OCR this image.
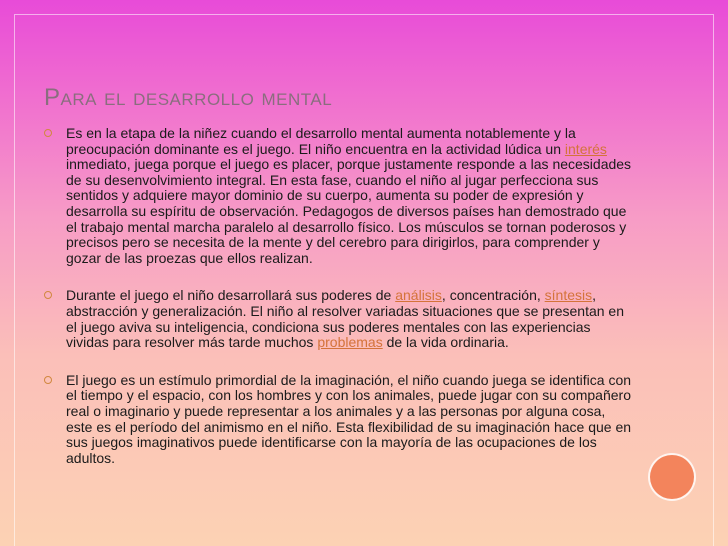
Para el desarrollo mental
Es en la etapa de la niñez cuando el desarrollo mental aumenta notablemente y la preocupación dominante es el juego. El niño encuentra en la actividad lúdica un interés inmediato, juega porque el juego es placer, porque justamente responde a las necesidades de su desenvolvimiento integral. En esta fase, cuando el niño al jugar perfecciona sus sentidos y adquiere mayor dominio de su cuerpo, aumenta su poder de expresión y desarrolla su espíritu de observación. Pedagogos de diversos países han demostrado que el trabajo mental marcha paralelo al desarrollo físico. Los músculos se tornan poderosos y precisos pero se necesita de la mente y del cerebro para dirigirlos, para comprender y gozar de las proezas que ellos realizan.
Durante el juego el niño desarrollará sus poderes de análisis, concentración, síntesis, abstracción y generalización. El niño al resolver variadas situaciones que se presentan en el juego aviva su inteligencia, condiciona sus poderes mentales con las experiencias vividas para resolver más tarde muchos problemas de la vida ordinaria.
El juego es un estímulo primordial de la imaginación, el niño cuando juega se identifica con el tiempo y el espacio, con los hombres y con los animales, puede jugar con su compañero real o imaginario y puede representar a los animales y a las personas por alguna cosa, este es el período del animismo en el niño. Esta flexibilidad de su imaginación hace que en sus juegos imaginativos puede identificarse con la mayoría de las ocupaciones de los adultos.
